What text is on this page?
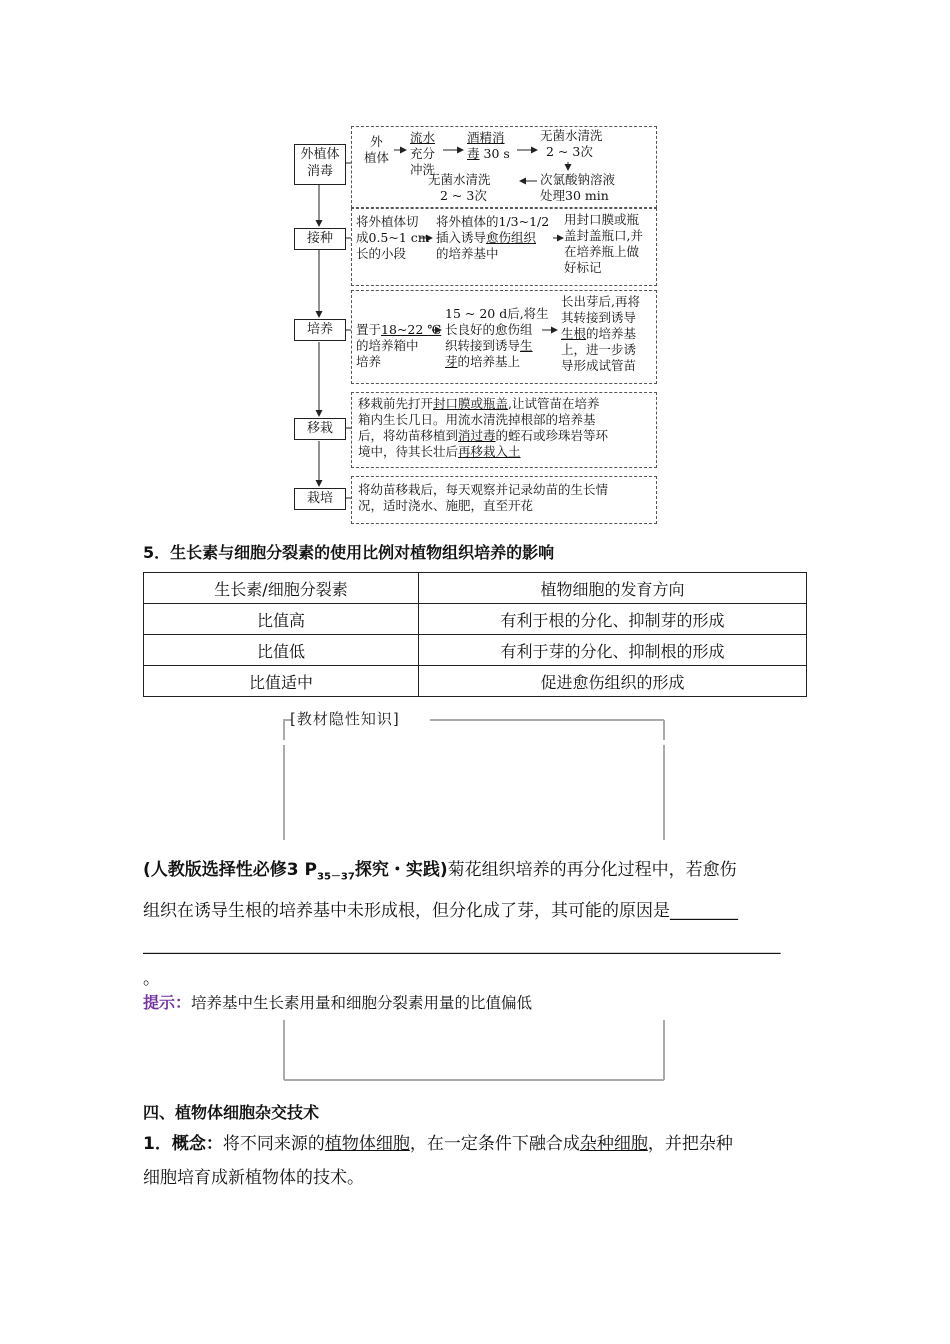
外植体
消毒
接种
培养
移栽
栽培
外
植体
流水
充分
冲洗
酒精消
毒 30 s
无菌水清洗
2 ~ 3次
次氯酸钠溶液
处理30 min
无菌水清洗
2 ~ 3次
将外植体切
成0.5~1 cm
长的小段
将外植体的1/3~1/2
插入诱导愈伤组织
的培养基中
用封口膜或瓶
盖封盖瓶口,并
在培养瓶上做
好标记
置于18~22 ℃
的培养箱中
培养
15 ~ 20 d后,将生
长良好的愈伤组
织转接到诱导生
芽的培养基上
长出芽后,再将
其转接到诱导
生根的培养基
上，进一步诱
导形成试管苗
移栽前先打开封口膜或瓶盖,让试管苗在培养
箱内生长几日。用流水清洗掉根部的培养基
后，将幼苗移植到消过毒的蛭石或珍珠岩等环
境中，待其长壮后再移栽入土
将幼苗移栽后，每天观察并记录幼苗的生长情
况，适时浇水、施肥，直至开花
5．生长素与细胞分裂素的使用比例对植物组织培养的影响
生长素/细胞分裂素	植物细胞的发育方向
比值高	有利于根的分化、抑制芽的形成
比值低	有利于芽的分化、抑制根的形成
比值适中	促进愈伤组织的形成
[教材隐性知识]
(人教版选择性必修3 $P_{35-37}$探究・实践)菊花组织培养的再分化过程中，若愈伤
组织在诱导生根的培养基中未形成根，但分化成了芽，其可能的原因是________
___________________________________________________________________________
。
提示：培养基中生长素用量和细胞分裂素用量的比值偏低
四、植物体细胞杂交技术
1．概念：将不同来源的植物体细胞，在一定条件下融合成杂种细胞，并把杂种
细胞培育成新植物体的技术。
